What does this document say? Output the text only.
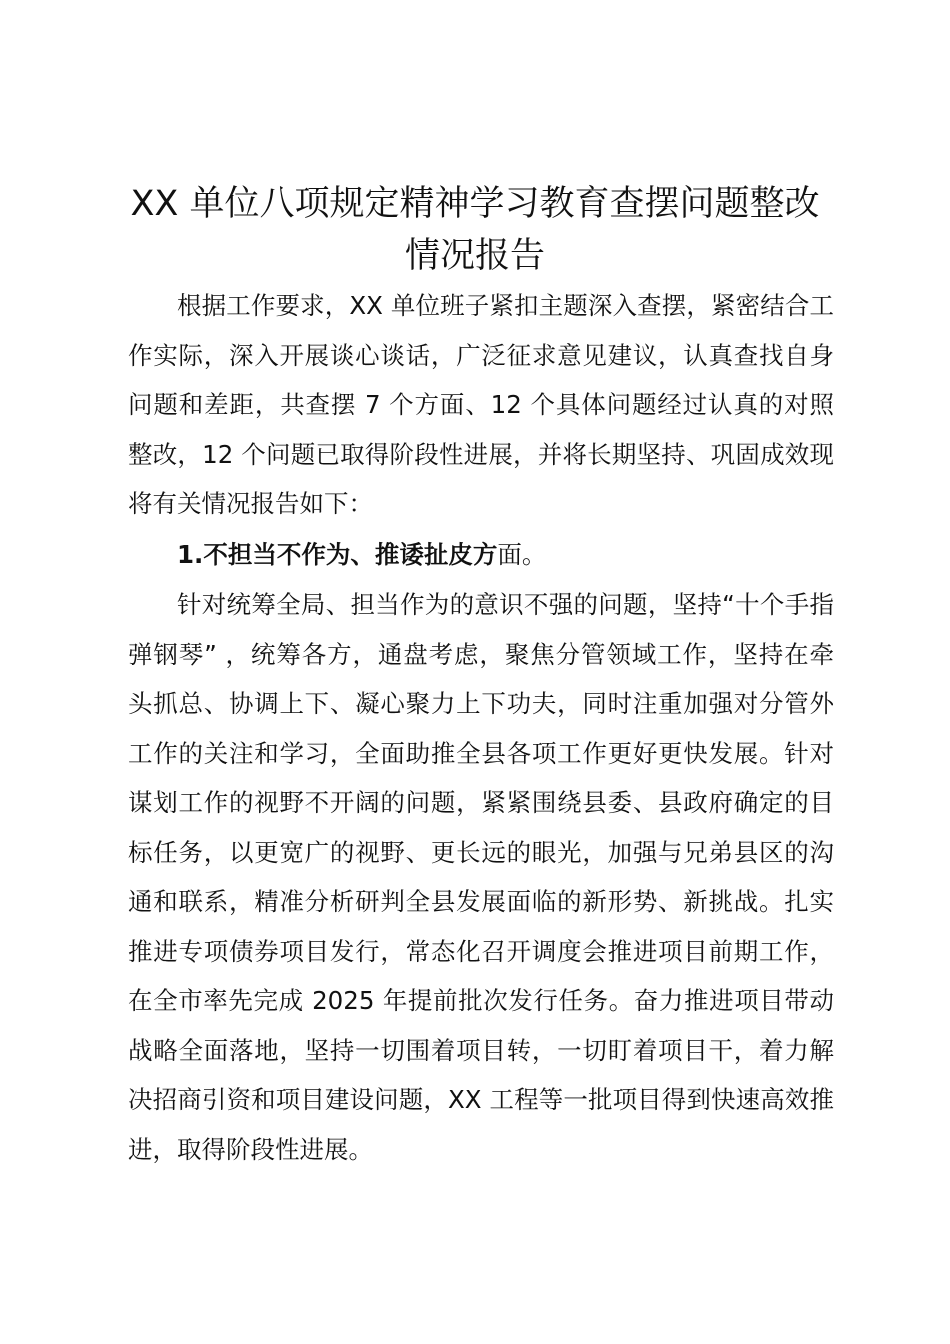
XX 单位八项规定精神学习教育查摆问题整改情况报告

根据工作要求，XX 单位班子紧扣主题深入查摆，紧密结合工作实际，深入开展谈心谈话，广泛征求意见建议，认真查找自身问题和差距，共查摆 7 个方面、12 个具体问题经过认真的对照整改，12 个问题已取得阶段性进展，并将长期坚持、巩固成效现将有关情况报告如下：

1.不担当不作为、推诿扯皮方面。

针对统筹全局、担当作为的意识不强的问题，坚持“十个手指弹钢琴” ，统筹各方，通盘考虑，聚焦分管领域工作，坚持在牵头抓总、协调上下、凝心聚力上下功夫，同时注重加强对分管外工作的关注和学习，全面助推全县各项工作更好更快发展。针对谋划工作的视野不开阔的问题，紧紧围绕县委、县政府确定的目标任务，以更宽广的视野、更长远的眼光，加强与兄弟县区的沟通和联系，精准分析研判全县发展面临的新形势、新挑战。扎实推进专项债券项目发行，常态化召开调度会推进项目前期工作，在全市率先完成 2025 年提前批次发行任务。奋力推进项目带动战略全面落地，坚持一切围着项目转，一切盯着项目干，着力解决招商引资和项目建设问题，XX 工程等一批项目得到快速高效推进，取得阶段性进展。
